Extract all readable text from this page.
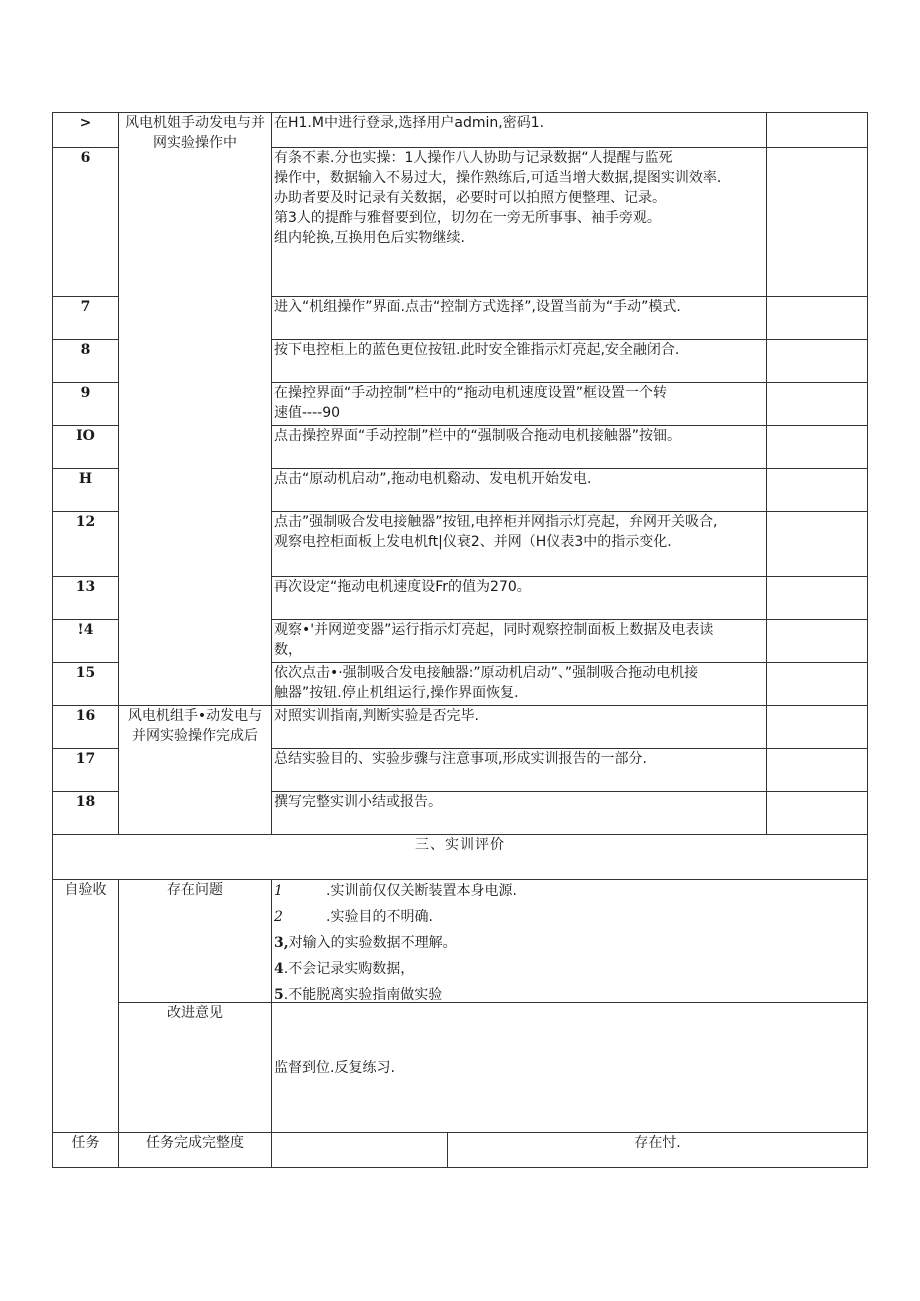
>	风电机姐手动发电与并网实验操作中	在H1.M中进行登录,选择用户admin,密码1.		

6		有条不素.分也实操：1人操作八人协助与记录数据“人提醒与监死
操作中，数据输入不易过大，操作熟练后,可适当增大数据,提图实训效率.
办助者要及时记录有关数据，必要时可以拍照方便整理、记录。
第3人的提酢与雅督要到位，切勿在一旁无所事事、袖手旁观。
组内轮换,互换用色后实物继续.		

7		进入“机组操作”界面.点击“控制方式选择”,设置当前为“手动”模式.		

8		按下电控柜上的蓝色更位按钮.此时安全锥指示灯亮起,安全融闭合.		

9		在操控界面“手动控制”栏中的“拖动电机速度设置”框设置一个转
速值----90		

IO		点击操控界面“手动控制”栏中的“强制吸合拖动电机接触器”按钿。		

H		点击“原动机启动”,拖动电机谿动、发电机开始发电.		

12		点击”强制吸合发电接触器”按钮,电捽柜并网指示灯亮起，弁网开关吸合,
观察电控柜面板上发电机ft|仪衰2、并网（H仪表3中的指示变化.		

13		再次设定“拖动电机速度设Fr的值为270。		

!4		观察•'并网逆变器”运行指示灯亮起，同时观察控制面板上数据及电表读
数，		

15		依次点击•·强制吸合发电接触器:”原动机启动”、”强制吸合拖动电机接
触器”按钮.停止机组运行,操作界面恢复.		

16	风电机组手•动发电与并网实验操作完成后	对照实训指南,判断实验是否完毕.		

17		总结实验目的、实验步骤与注意事项,形成实训报告的一部分.		

18		撰写完整实训小结或报告。		

三、实训评价				
自验收	存在问题	1 .实训前仅仅关断装置本身电源.
2 .实验目的不明确.
3,对输入的实验数据不理解。
4.不会记录实购数据，
5.不能脱离实验指南做实验		

	改进意见	监督到位.反复练习.		

任务	任务完成完整度		存在忖.	
